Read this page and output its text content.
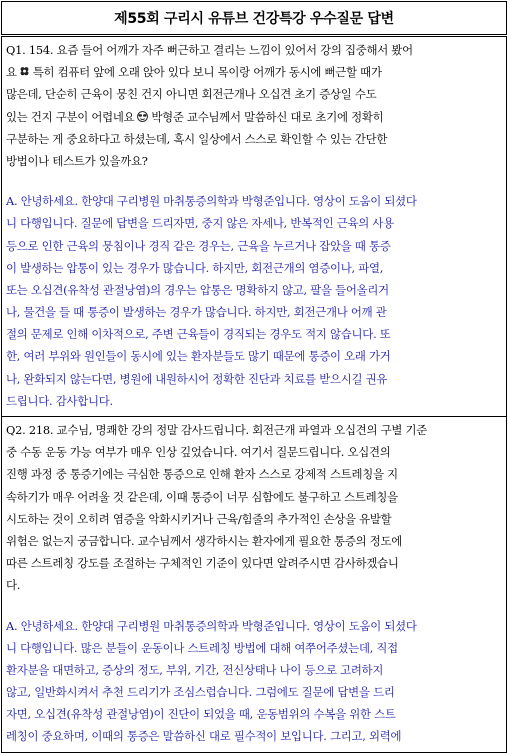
제55회 구리시 유튜브 건강특강 우수질문 답변
Q1. 154. 요즘 들어 어깨가 자주 뻐근하고 결리는 느낌이 있어서 강의 집중해서 봤어
요 특히 컴퓨터 앞에 오래 앉아 있다 보니 목이랑 어깨가 동시에 뻐근할 때가
많은데, 단순히 근육이 뭉친 건지 아니면 회전근개나 오십견 초기 증상일 수도
있는 건지 구분이 어렵네요 박형준 교수님께서 말씀하신 대로 초기에 정확히
구분하는 게 중요하다고 하셨는데, 혹시 일상에서 스스로 확인할 수 있는 간단한
방법이나 테스트가 있을까요?
A. 안녕하세요. 한양대 구리병원 마취통증의학과 박형준입니다. 영상이 도움이 되셨다
니 다행입니다. 질문에 답변을 드리자면, 중지 않은 자세나, 반복적인 근육의 사용
등으로 인한 근육의 뭉침이나 경직 같은 경우는, 근육을 누르거나 잡았을 때 통증
이 발생하는 압통이 있는 경우가 많습니다. 하지만, 회전근개의 염증이나, 파열,
또는 오십견(유착성 관절낭염)의 경우는 압통은 명확하지 않고, 팔을 들어올리거
나, 물건을 들 때 통증이 발생하는 경우가 많습니다. 하지만, 회전근개나 어깨 관
절의 문제로 인해 이차적으로, 주변 근육들이 경직되는 경우도 적지 않습니다. 또
한, 여러 부위와 원인들이 동시에 있는 환자분들도 많기 때문에 통증이 오래 가거
나, 완화되지 않는다면, 병원에 내원하시어 정확한 진단과 치료를 받으시길 권유
드립니다. 감사합니다.
Q2. 218. 교수님, 명쾌한 강의 정말 감사드립니다. 회전근개 파열과 오십견의 구별 기준
중 수동 운동 가능 여부가 매우 인상 깊었습니다. 여기서 질문드립니다. 오십견의
진행 과정 중 통증기에는 극심한 통증으로 인해 환자 스스로 강제적 스트레칭을 지
속하기가 매우 어려울 것 같은데, 이때 통증이 너무 심함에도 불구하고 스트레칭을
시도하는 것이 오히려 염증을 악화시키거나 근육/힘줄의 추가적인 손상을 유발할
위험은 없는지 궁금합니다. 교수님께서 생각하시는 환자에게 필요한 통증의 정도에
따른 스트레칭 강도를 조절하는 구체적인 기준이 있다면 알려주시면 감사하겠습니
다.
A. 안녕하세요. 한양대 구리병원 마취통증의학과 박형준입니다. 영상이 도움이 되셨다
니 다행입니다. 많은 분들이 운동이나 스트레칭 방법에 대해 여쭈어주셨는데, 직접
환자분을 대면하고, 증상의 정도, 부위, 기간, 전신상태나 나이 등으로 고려하지
않고, 일반화시켜서 추천 드리기가 조심스럽습니다. 그럼에도 질문에 답변을 드리
자면, 오십견(유착성 관절낭염)이 진단이 되었을 때, 운동범위의 수복을 위한 스트
레칭이 중요하며, 이때의 통증은 말씀하신 대로 필수적이 보입니다. 그리고, 외력에
